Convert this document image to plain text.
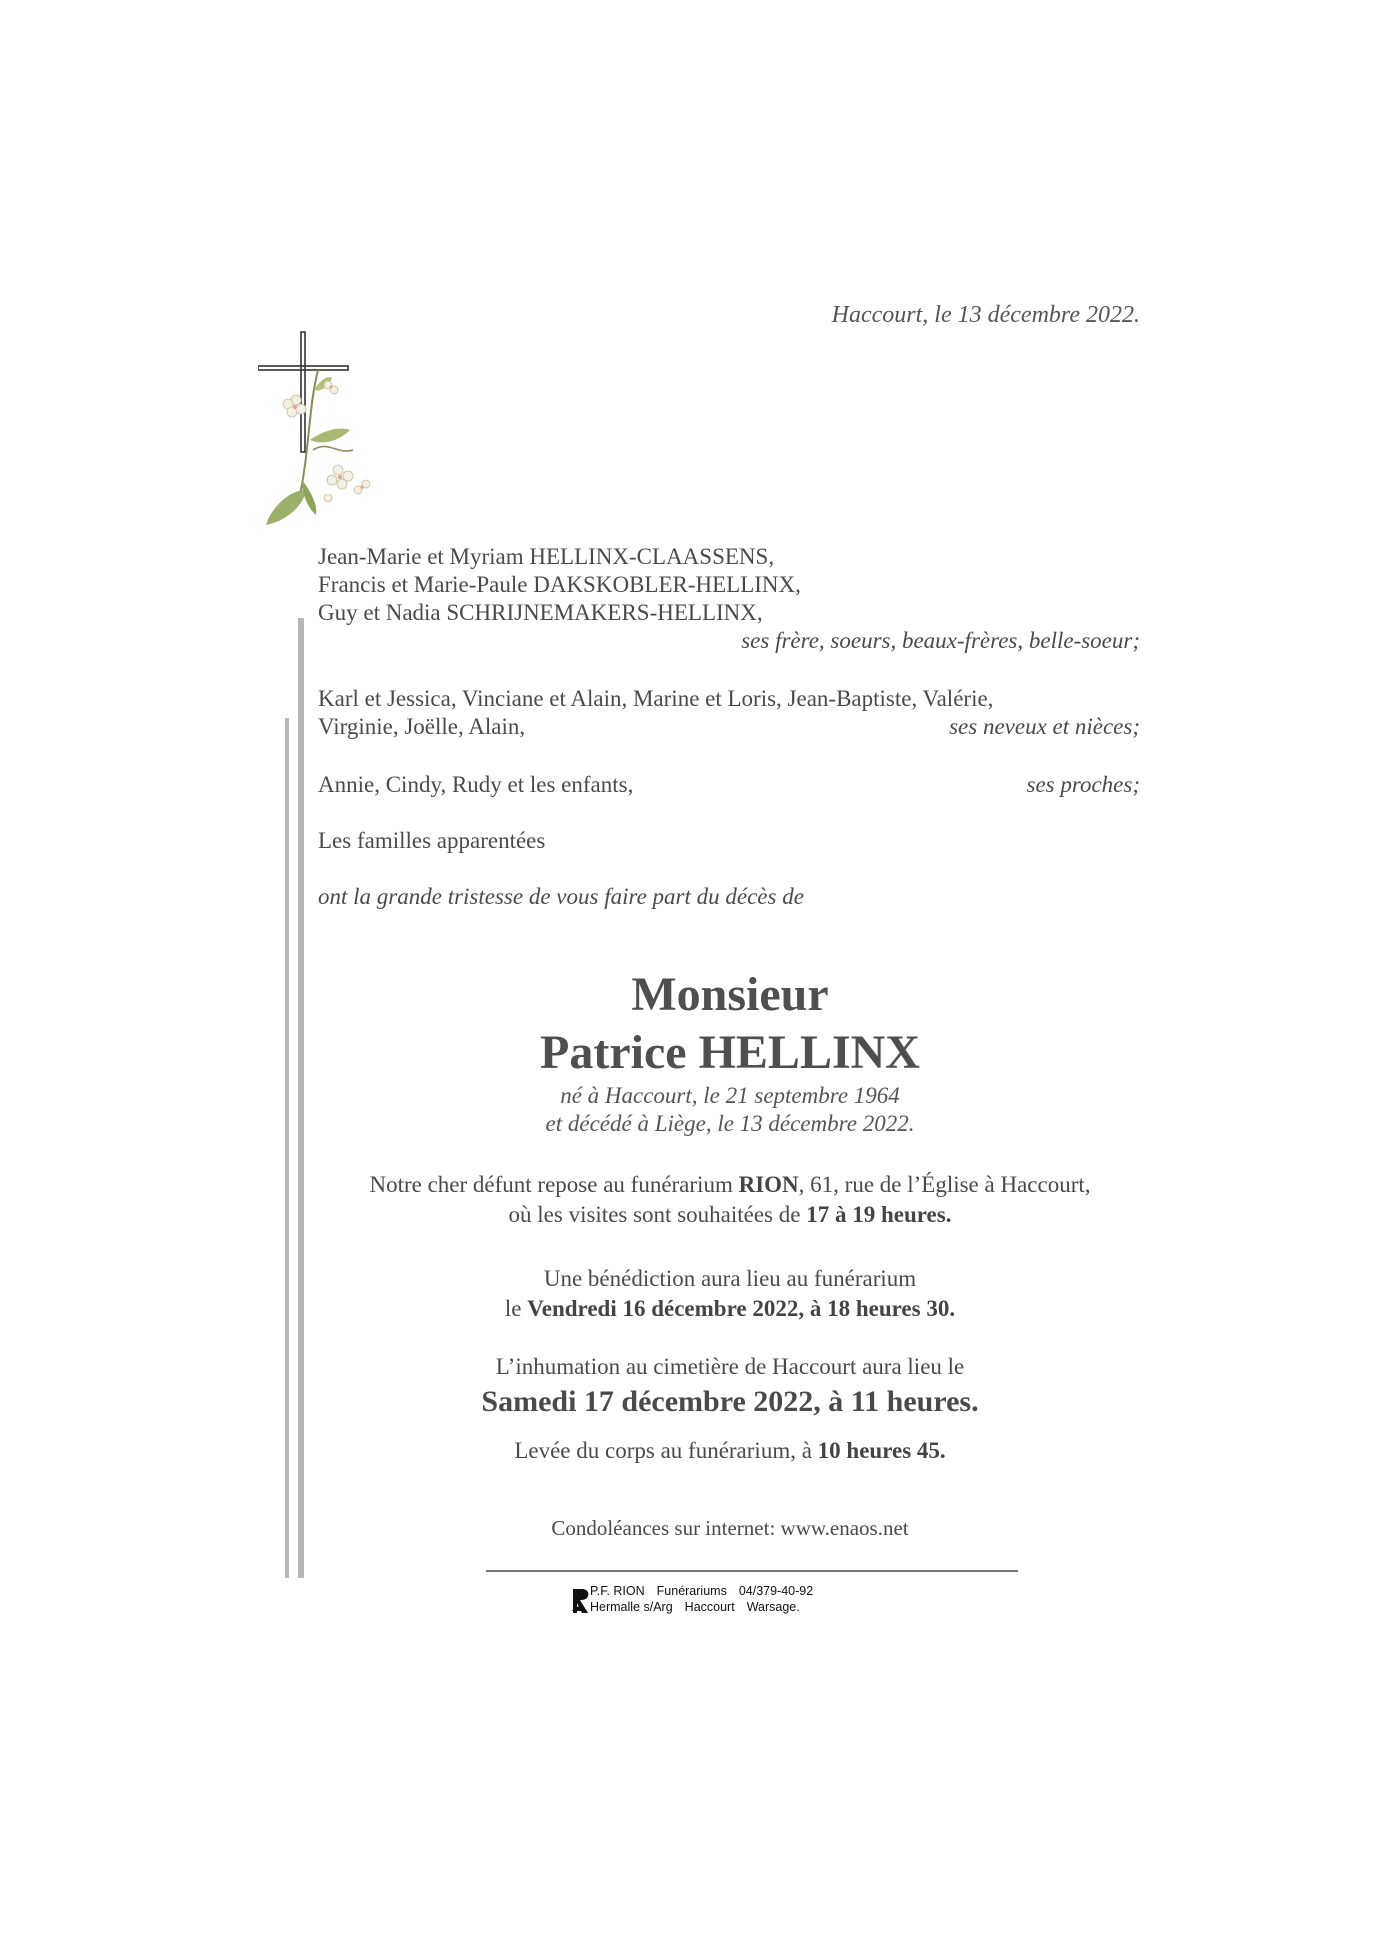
Haccourt, le 13 décembre 2022.
Jean-Marie et Myriam HELLINX-CLAASSENS,
Francis et Marie-Paule DAKSKOBLER-HELLINX,
Guy et Nadia SCHRIJNEMAKERS-HELLINX,
ses frère, soeurs, beaux-frères, belle-soeur;
Karl et Jessica, Vinciane et Alain, Marine et Loris, Jean-Baptiste, Valérie,
Virginie, Joëlle, Alain,	ses neveux et nièces;
Annie, Cindy, Rudy et les enfants,	ses proches;
Les familles apparentées
ont la grande tristesse de vous faire part du décès de
Monsieur
Patrice HELLINX
né à Haccourt, le 21 septembre 1964
et décédé à Liège, le 13 décembre 2022.
Notre cher défunt repose au funérarium RION, 61, rue de l’Église à Haccourt,
où les visites sont souhaitées de 17 à 19 heures.
Une bénédiction aura lieu au funérarium
le Vendredi 16 décembre 2022, à 18 heures 30.
L’inhumation au cimetière de Haccourt aura lieu le
Samedi 17 décembre 2022, à 11 heures.
Levée du corps au funérarium, à 10 heures 45.
Condoléances sur internet: www.enaos.net
P.F. RION Funérariums 04/379-40-92
Hermalle s/Arg Haccourt Warsage.
